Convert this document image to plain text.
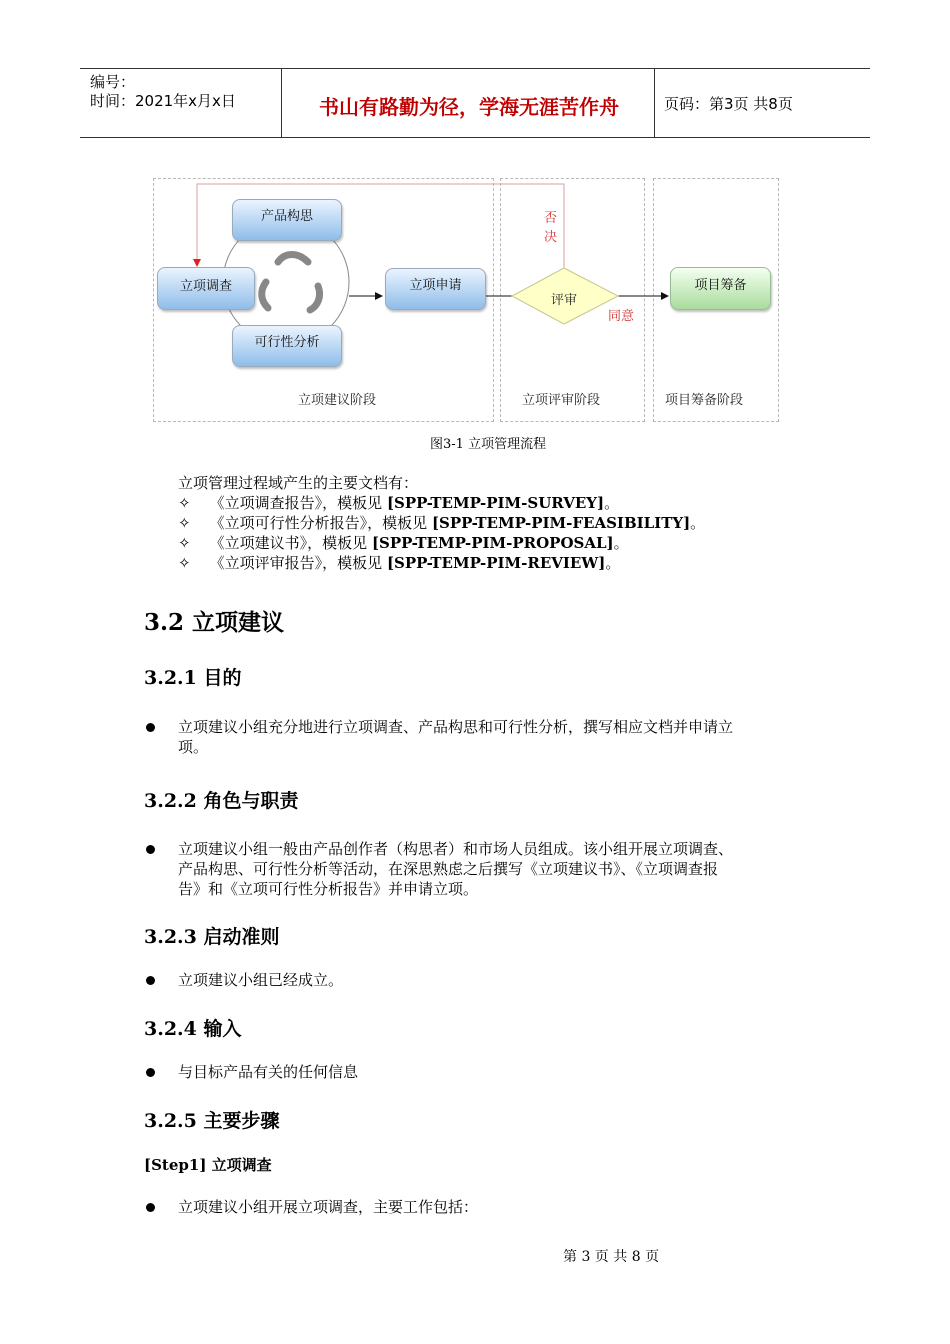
编号：
时间：2021年x月x日	书山有路勤为径，学海无涯苦作舟	页码：第3页 共8页
产品构思
立项调查
可行性分析
立项申请
评审
项目筹备
否
决
同意
立项建议阶段	立项评审阶段	项目筹备阶段
图3-1 立项管理流程
立项管理过程域产生的主要文档有：
✧ 《立项调查报告》，模板见 [SPP-TEMP-PIM-SURVEY]。
✧ 《立项可行性分析报告》，模板见 [SPP-TEMP-PIM-FEASIBILITY]。
✧ 《立项建议书》，模板见 [SPP-TEMP-PIM-PROPOSAL]。
✧ 《立项评审报告》，模板见 [SPP-TEMP-PIM-REVIEW]。
3.2 立项建议
3.2.1 目的
立项建议小组充分地进行立项调查、产品构思和可行性分析，撰写相应文档并申请立
项。
3.2.2 角色与职责
立项建议小组一般由产品创作者（构思者）和市场人员组成。该小组开展立项调查、
产品构思、可行性分析等活动，在深思熟虑之后撰写《立项建议书》、《立项调查报
告》和《立项可行性分析报告》并申请立项。
3.2.3 启动准则
立项建议小组已经成立。
3.2.4 输入
与目标产品有关的任何信息
3.2.5 主要步骤
[Step1] 立项调查
立项建议小组开展立项调查，主要工作包括：
第 3 页 共 8 页
